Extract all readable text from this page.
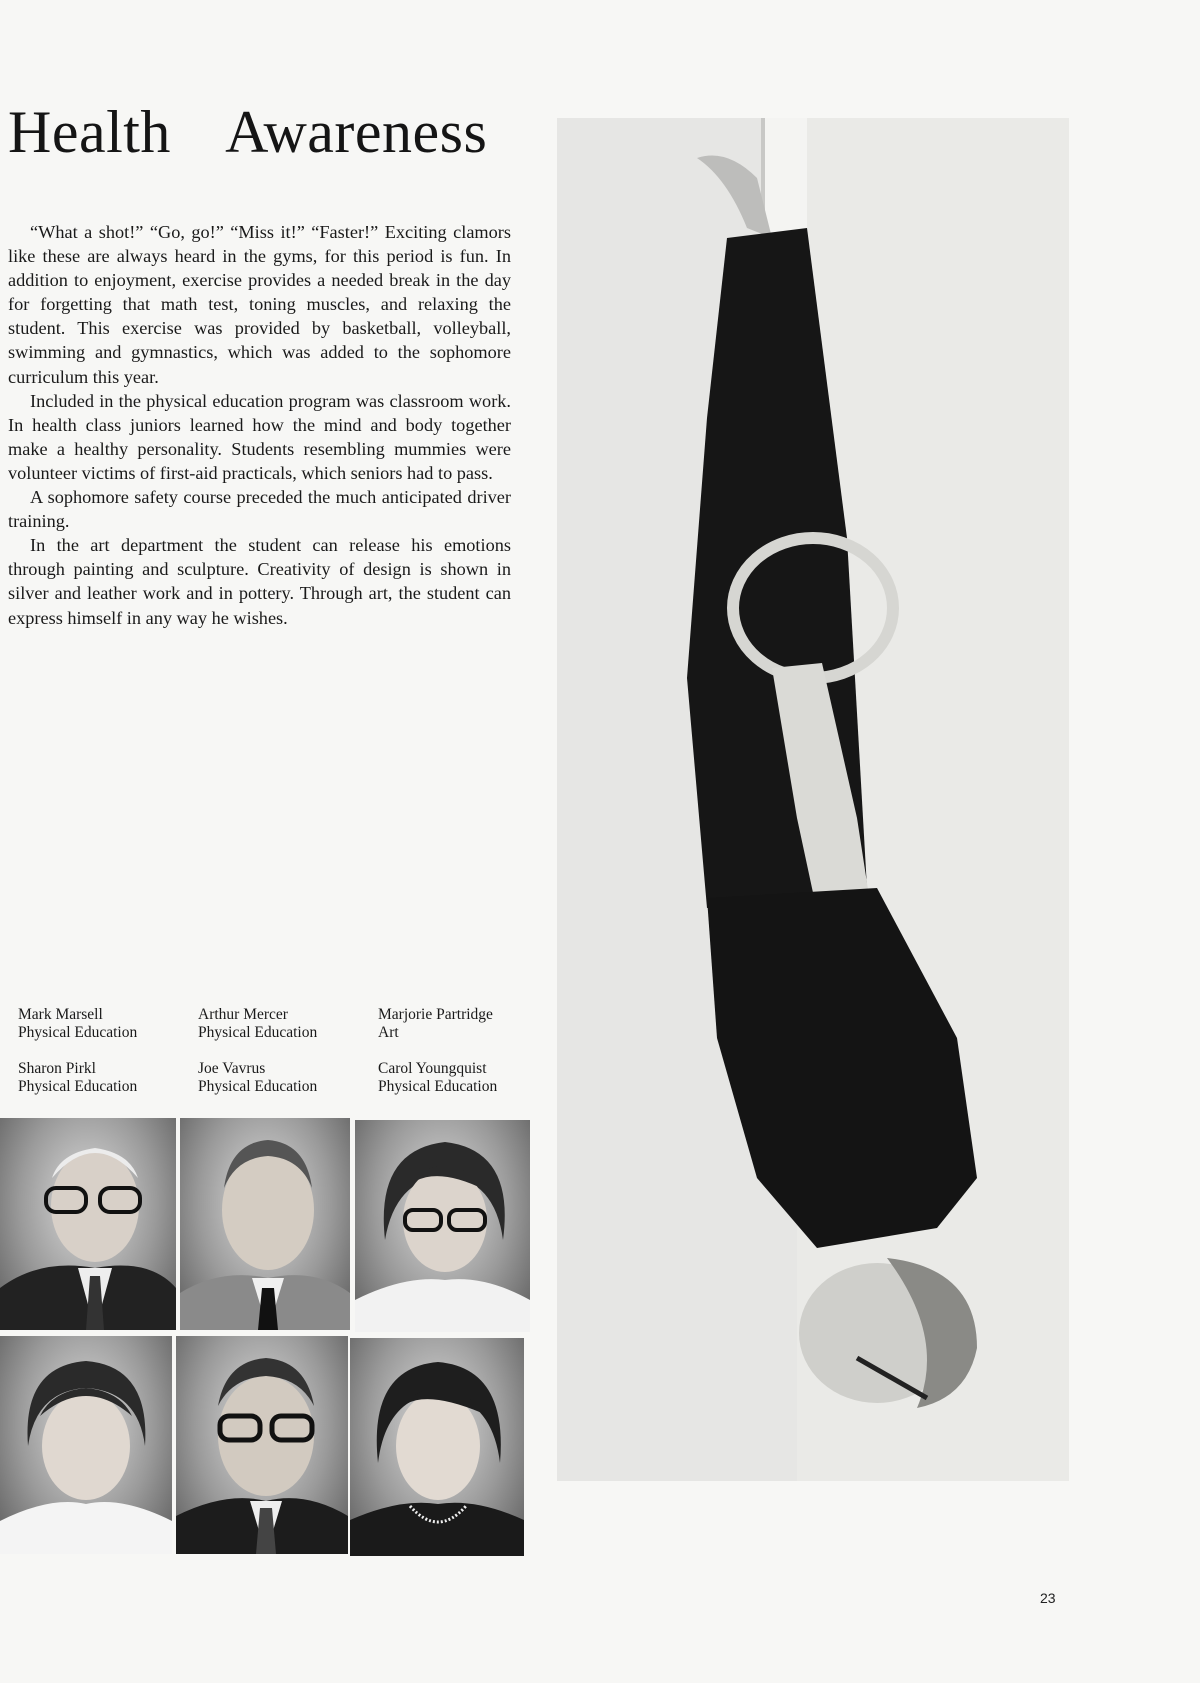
Health Awareness

“What a shot!” “Go, go!” “Miss it!” “Faster!” Exciting clamors like these are always heard in the gyms, for this period is fun. In addition to enjoyment, exercise provides a needed break in the day for forgetting that math test, toning muscles, and relaxing the student. This exercise was provided by basketball, volleyball, swimming and gymnastics, which was added to the sophomore curriculum this year.

Included in the physical education program was classroom work. In health class juniors learned how the mind and body together make a healthy personality. Students resembling mummies were volunteer victims of first-aid practicals, which seniors had to pass.

A sophomore safety course preceded the much anticipated driver training.

In the art department the student can release his emotions through painting and sculpture. Creativity of design is shown in silver and leather work and in pottery. Through art, the student can express himself in any way he wishes.

Mark Marsell
Physical Education
Arthur Mercer
Physical Education
Marjorie Partridge
Art
Sharon Pirkl
Physical Education
Joe Vavrus
Physical Education
Carol Youngquist
Physical Education
23
